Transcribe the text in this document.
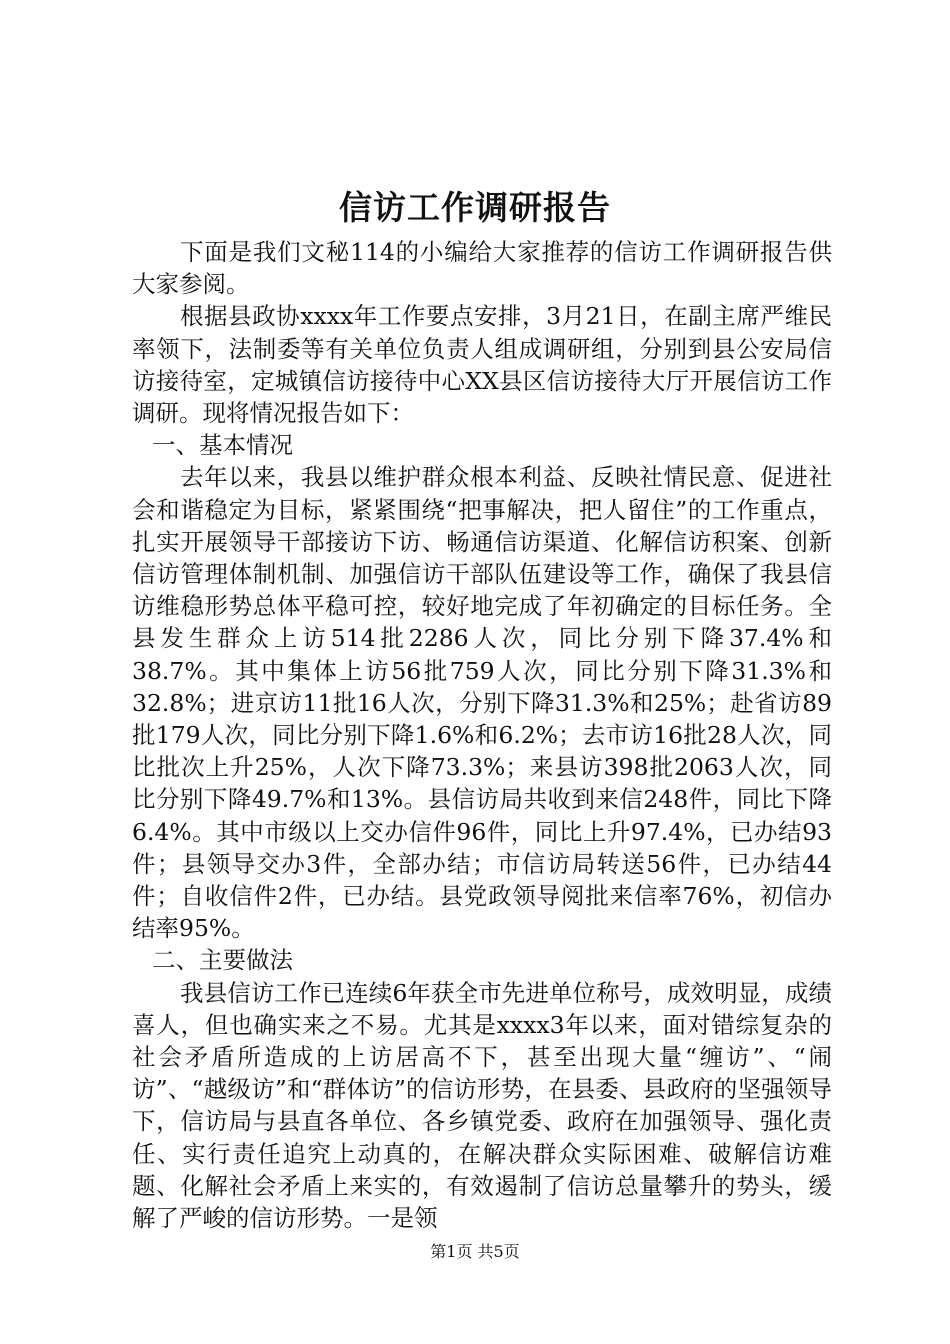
信访工作调研报告

下面是我们文秘114的小编给大家推荐的信访工作调研报告供大家参阅。

根据县政协xxxx年工作要点安排，3月21日，在副主席严维民率领下，法制委等有关单位负责人组成调研组，分别到县公安局信访接待室，定城镇信访接待中心XX县区信访接待大厅开展信访工作调研。现将情况报告如下：

一、基本情况

去年以来，我县以维护群众根本利益、反映社情民意、促进社会和谐稳定为目标，紧紧围绕“把事解决，把人留住”的工作重点，扎实开展领导干部接访下访、畅通信访渠道、化解信访积案、创新信访管理体制机制、加强信访干部队伍建设等工作，确保了我县信访维稳形势总体平稳可控，较好地完成了年初确定的目标任务。全县发生群众上访514批2286人次，同比分别下降37.4%和38.7%。其中集体上访56批759人次，同比分别下降31.3%和32.8%；进京访11批16人次，分别下降31.3%和25%；赴省访89批179人次，同比分别下降1.6%和6.2%；去市访16批28人次，同比批次上升25%，人次下降73.3%；来县访398批2063人次，同比分别下降49.7%和13%。县信访局共收到来信248件，同比下降6.4%。其中市级以上交办信件96件，同比上升97.4%，已办结93件；县领导交办3件，全部办结；市信访局转送56件，已办结44件；自收信件2件，已办结。县党政领导阅批来信率76%，初信办结率95%。

二、主要做法

我县信访工作已连续6年获全市先进单位称号，成效明显，成绩喜人，但也确实来之不易。尤其是xxxx3年以来，面对错综复杂的社会矛盾所造成的上访居高不下，甚至出现大量“缠访”、“闹访”、“越级访”和“群体访”的信访形势，在县委、县政府的坚强领导下，信访局与县直各单位、各乡镇党委、政府在加强领导、强化责任、实行责任追究上动真的，在解决群众实际困难、破解信访难题、化解社会矛盾上来实的，有效遏制了信访总量攀升的势头，缓解了严峻的信访形势。一是领

第1页 共5页
